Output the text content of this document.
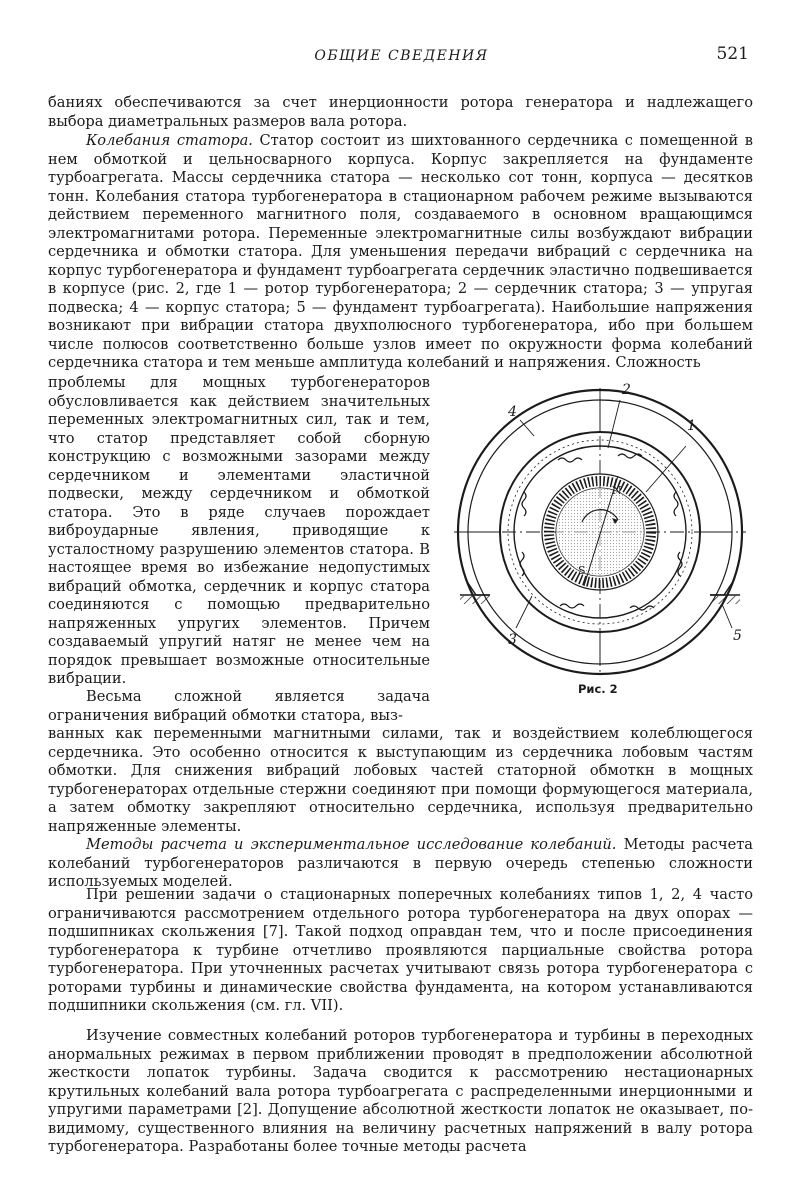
ОБЩИЕ СВЕДЕНИЯ	521

баниях обеспечиваются за счет инерционности ротора генератора и надлежащего выбора диаметральных размеров вала ротора.

Колебания статора. Статор состоит из шихтованного сердечника с помещенной в нем обмоткой и цельносварного корпуса. Корпус закрепляется на фундаменте турбоагрегата. Массы сердечника статора — несколько сот тонн, корпуса — десятков тонн. Колебания статора турбогенератора в стационарном рабочем режиме вызываются действием переменного магнитного поля, создаваемого в основном вращающимся электромагнитами ротора. Переменные электромагнитные силы возбуждают вибрации сердечника и обмотки статора. Для уменьшения передачи вибраций с сердечника на корпус турбогенератора и фундамент турбоагрегата сердечник эластично подвешивается в корпусе (рис. 2, где 1 — ротор турбогенератора; 2 — сердечник статора; 3 — упругая подвеска; 4 — корпус статора; 5 — фундамент турбоагрегата). Наибольшие напряжения возникают при вибрации статора двухполюсного турбогенератора, ибо при большем числе полюсов соответственно больше узлов имеет по окружности форма колебаний сердечника статора и тем меньше амплитуда колебаний и напряжения. Сложность

проблемы для мощных турбогенераторов обусловливается как действием значительных переменных электромагнитных сил, так и тем, что статор представляет собой сборную конструкцию с возможными зазорами между сердечником и элементами эластичной подвески, между сердечником и обмоткой статора. Это в ряде случаев порождает виброударные явления, приводящие к усталостному разрушению элементов статора. В настоящее время во избежание недопустимых вибраций обмотка, сердечник и корпус статора соединяются с помощью предварительно напряженных упругих элементов. Причем создаваемый упругий натяг не менее чем на порядок превышает возможные относительные вибрации.

Весьма сложной является задача ограничения вибраций обмотки статора, выз-

ванных как переменными магнитными силами, так и воздействием колеблющегося сердечника. Это особенно относится к выступающим из сердечника лобовым частям обмотки. Для снижения вибраций лобовых частей статорной обмоткн в мощных турбогенераторах отдельные стержни соединяют при помощи формующегося материала, а затем обмотку закрепляют относительно сердечника, используя предварительно напряженные элементы.

Методы расчета и экспериментальное исследование колебаний. Методы расчета колебаний турбогенераторов различаются в первую очередь степенью сложности используемых моделей.

При решении задачи о стационарных поперечных колебаниях типов 1, 2, 4 часто ограничиваются рассмотрением отдельного ротора турбогенератора на двух опорах — подшипниках скольжения [7]. Такой подход оправдан тем, что и после присоединения турбогенератора к турбине отчетливо проявляются парциальные свойства ротора турбогенератора. При уточненных расчетах учитывают связь ротора турбогенератора с роторами турбины и динамические свойства фундамента, на котором устанавливаются подшипники скольжения (см. гл. VII).

Изучение совместных колебаний роторов турбогенератора и турбины в переходных анормальных режимах в первом приближении проводят в предположении абсолютной жесткости лопаток турбины. Задача сводится к рассмотрению нестационарных крутильных колебаний вала ротора турбоагрегата с распределенными инерционными и упругими параметрами [2]. Допущение абсолютной жесткости лопаток не оказывает, по-видимому, существенного влияния на величину расчетных напряжений в валу ротора турбогенератора. Разработаны более точные методы расчета

1
2
3
4
5
N
S
Рис. 2
